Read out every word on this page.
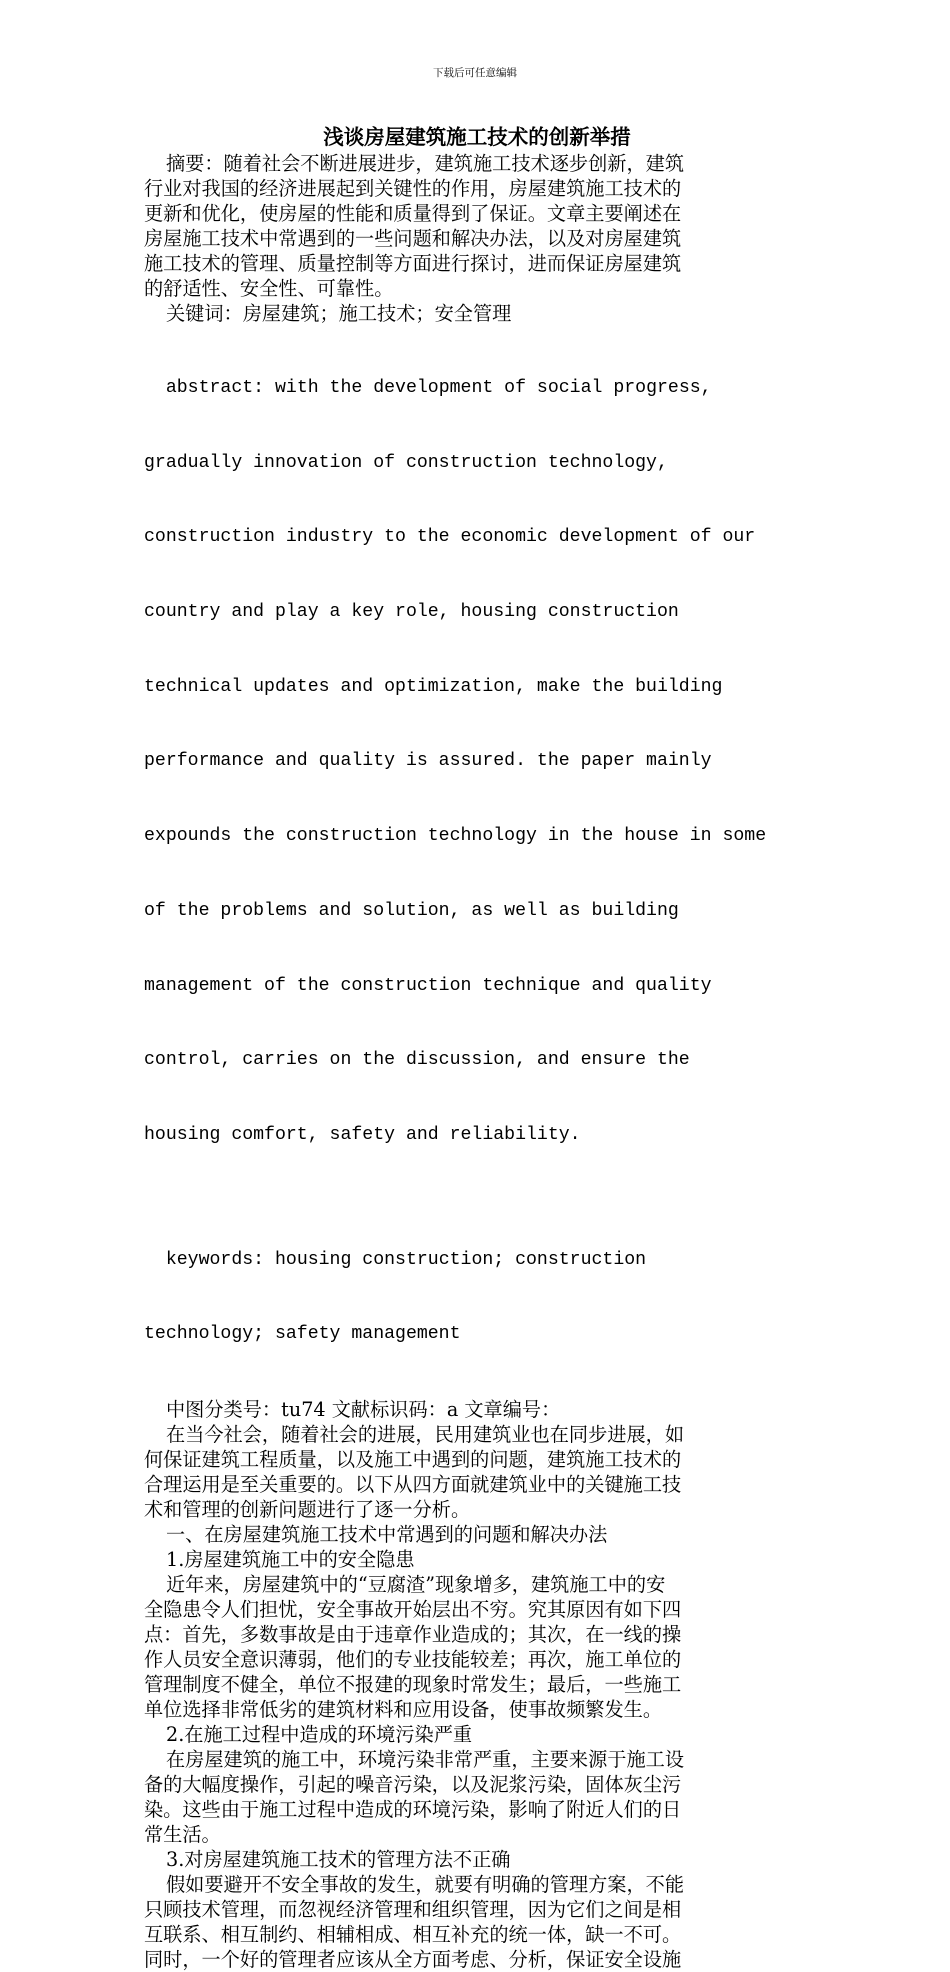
下载后可任意编辑
浅谈房屋建筑施工技术的创新举措
摘要：随着社会不断进展进步，建筑施工技术逐步创新，建筑
行业对我国的经济进展起到关键性的作用，房屋建筑施工技术的
更新和优化，使房屋的性能和质量得到了保证。文章主要阐述在
房屋施工技术中常遇到的一些问题和解决办法，以及对房屋建筑
施工技术的管理、质量控制等方面进行探讨，进而保证房屋建筑
的舒适性、安全性、可靠性。
关键词：房屋建筑；施工技术；安全管理

abstract: with the development of social progress,

gradually innovation of construction technology,

construction industry to the economic development of our

country and play a key role, housing construction

technical updates and optimization, make the building

performance and quality is assured. the paper mainly

expounds the construction technology in the house in some

of the problems and solution, as well as building

management of the construction technique and quality

control, carries on the discussion, and ensure the

housing comfort, safety and reliability.

keywords: housing construction; construction

technology; safety management

中图分类号：tu74 文献标识码：a 文章编号：
在当今社会，随着社会的进展，民用建筑业也在同步进展，如
何保证建筑工程质量，以及施工中遇到的问题，建筑施工技术的
合理运用是至关重要的。以下从四方面就建筑业中的关键施工技
术和管理的创新问题进行了逐一分析。
一、在房屋建筑施工技术中常遇到的问题和解决办法
1.房屋建筑施工中的安全隐患
近年来，房屋建筑中的“豆腐渣”现象增多，建筑施工中的安
全隐患令人们担忧，安全事故开始层出不穷。究其原因有如下四
点：首先，多数事故是由于违章作业造成的；其次，在一线的操
作人员安全意识薄弱，他们的专业技能较差；再次，施工单位的
管理制度不健全，单位不报建的现象时常发生；最后，一些施工
单位选择非常低劣的建筑材料和应用设备，使事故频繁发生。
2.在施工过程中造成的环境污染严重
在房屋建筑的施工中，环境污染非常严重，主要来源于施工设
备的大幅度操作，引起的噪音污染，以及泥浆污染，固体灰尘污
染。这些由于施工过程中造成的环境污染，影响了附近人们的日
常生活。
3.对房屋建筑施工技术的管理方法不正确
假如要避开不安全事故的发生，就要有明确的管理方案，不能
只顾技术管理，而忽视经济管理和组织管理，因为它们之间是相
互联系、相互制约、相辅相成、相互补充的统一体，缺一不可。
同时，一个好的管理者应该从全方面考虑、分析，保证安全设施
